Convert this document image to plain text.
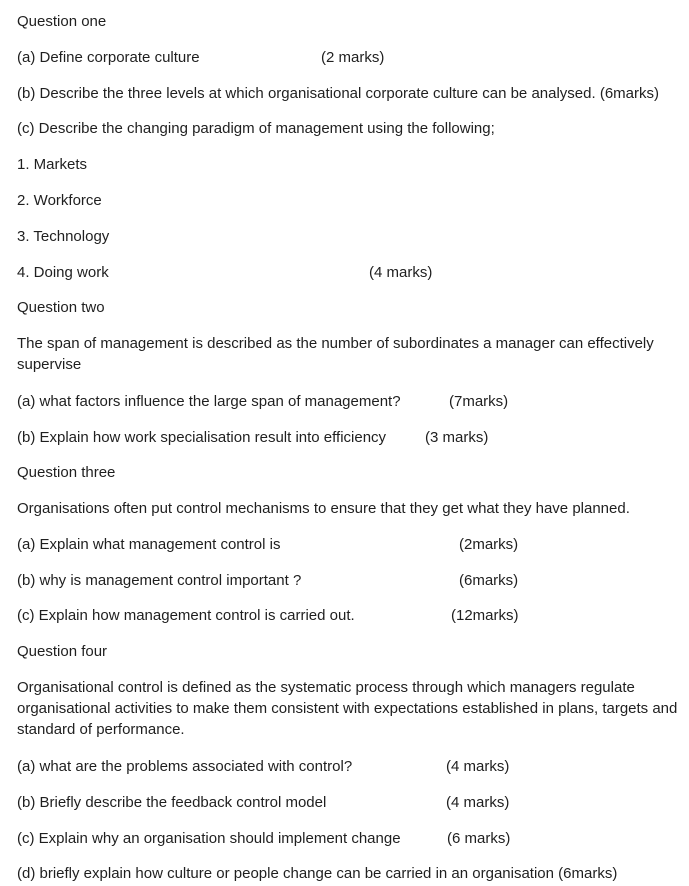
Question one
(a) Define corporate culture	(2 marks)
(b) Describe the three levels at which organisational corporate culture can be analysed. (6marks)
(c) Describe the changing paradigm of management using the following;
1. Markets
2. Workforce
3. Technology
4. Doing work	(4 marks)
Question two
The span of management is described as the number of subordinates a manager can effectively supervise
(a) what factors influence the large span of management?	(7marks)
(b) Explain how work specialisation result into efficiency	(3 marks)
Question three
Organisations often put control mechanisms to ensure that they get what they have planned.
(a) Explain what management control is	(2marks)
(b) why is management control important ?	(6marks)
(c) Explain how management control is carried out.	(12marks)
Question four
Organisational control is defined as the systematic process through which managers regulate organisational activities to make them consistent with expectations established in plans, targets and standard of performance.
(a) what are the problems associated with control?	(4 marks)
(b) Briefly describe the feedback control model	(4 marks)
(c) Explain why an organisation should implement change	(6 marks)
(d) briefly explain how culture or people change can be carried in an organisation (6marks)
